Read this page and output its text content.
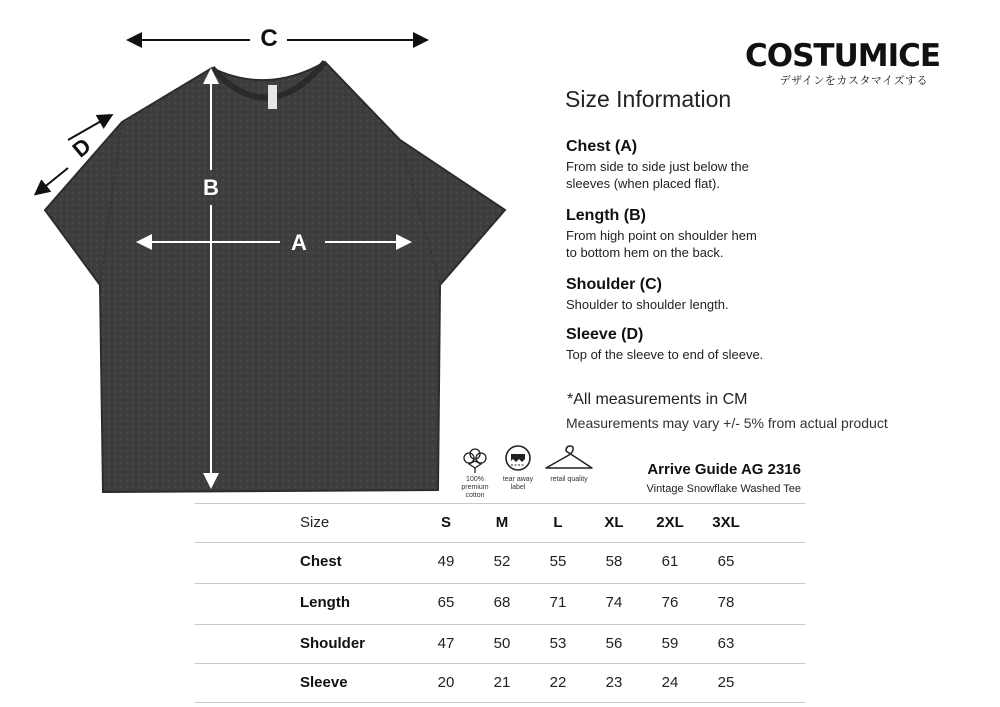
C
D
B
A
COSTUMICE
デザインをカスタマイズする
Size Information
Chest (A)
From side to side just below the
sleeves (when placed flat).
Length (B)
From high point on shoulder hem
to bottom hem on the back.
Shoulder (C)
Shoulder to shoulder length.
Sleeve (D)
Top of the sleeve to end of sleeve.
*All measurements in CM
Measurements may vary +/- 5% from actual product
100%
premium
cotton
tear away
label
retail quality
Arrive Guide AG 2316
Vintage Snowflake Washed Tee
Size	S	M	L	XL	2XL	3XL
Chest	49	52	55	58	61	65
Length	65	68	71	74	76	78
Shoulder	47	50	53	56	59	63
Sleeve	20	21	22	23	24	25
